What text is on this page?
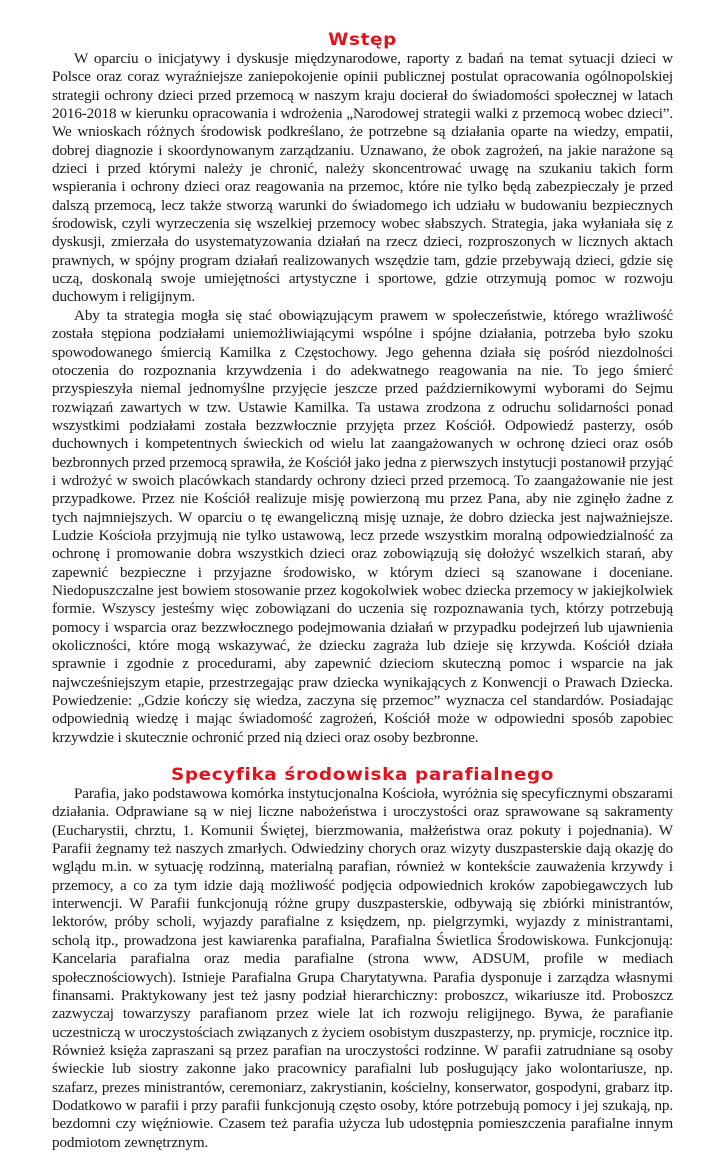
Wstęp

W oparciu o inicjatywy i dyskusje międzynarodowe, raporty z badań na temat sytuacji dzieci w Polsce oraz coraz wyraźniejsze zaniepokojenie opinii publicznej postulat opracowania ogólnopolskiej strategii ochrony dzieci przed przemocą w naszym kraju docierał do świadomości społecznej w latach 2016-2018 w kierunku opracowania i wdrożenia „Narodowej strategii walki z przemocą wobec dzieci”. We wnioskach różnych środowisk podkreślano, że potrzebne są działania oparte na wiedzy, empatii, dobrej diagnozie i skoordynowanym zarządzaniu. Uznawano, że obok zagrożeń, na jakie narażone są dzieci i przed którymi należy je chronić, należy skoncentrować uwagę na szukaniu takich form wspierania i ochrony dzieci oraz reagowania na przemoc, które nie tylko będą zabezpieczały je przed dalszą przemocą, lecz także stworzą warunki do świadomego ich udziału w budowaniu bezpiecznych środowisk, czyli wyrzeczenia się wszelkiej przemocy wobec słabszych. Strategia, jaka wyłaniała się z dyskusji, zmierzała do usystematyzowania działań na rzecz dzieci, rozproszonych w licznych aktach prawnych, w spójny program działań realizowanych wszędzie tam, gdzie przebywają dzieci, gdzie się uczą, doskonalą swoje umiejętności artystyczne i sportowe, gdzie otrzymują pomoc w rozwoju duchowym i religijnym.

Aby ta strategia mogła się stać obowiązującym prawem w społeczeństwie, którego wrażliwość została stępiona podziałami uniemożliwiającymi wspólne i spójne działania, potrzeba było szoku spowodowanego śmiercią Kamilka z Częstochowy. Jego gehenna działa się pośród niezdolności otoczenia do rozpoznania krzywdzenia i do adekwatnego reagowania na nie. To jego śmierć przyspieszyła niemal jednomyślne przyjęcie jeszcze przed październikowymi wyborami do Sejmu rozwiązań zawartych w tzw. Ustawie Kamilka. Ta ustawa zrodzona z odruchu solidarności ponad wszystkimi podziałami została bezzwłocznie przyjęta przez Kościół. Odpowiedź pasterzy, osób duchownych i kompetentnych świeckich od wielu lat zaangażowanych w ochronę dzieci oraz osób bezbronnych przed przemocą sprawiła, że Kościół jako jedna z pierwszych instytucji postanowił przyjąć i wdrożyć w swoich placówkach standardy ochrony dzieci przed przemocą. To zaangażowanie nie jest przypadkowe. Przez nie Kościół realizuje misję powierzoną mu przez Pana, aby nie zginęło żadne z tych najmniejszych. W oparciu o tę ewangeliczną misję uznaje, że dobro dziecka jest najważniejsze. Ludzie Kościoła przyjmują nie tylko ustawową, lecz przede wszystkim moralną odpowiedzialność za ochronę i promowanie dobra wszystkich dzieci oraz zobowiązują się dołożyć wszelkich starań, aby zapewnić bezpieczne i przyjazne środowisko, w którym dzieci są szanowane i doceniane. Niedopuszczalne jest bowiem stosowanie przez kogokolwiek wobec dziecka przemocy w jakiejkolwiek formie. Wszyscy jesteśmy więc zobowiązani do uczenia się rozpoznawania tych, którzy potrzebują pomocy i wsparcia oraz bezzwłocznego podejmowania działań w przypadku podejrzeń lub ujawnienia okoliczności, które mogą wskazywać, że dziecku zagraża lub dzieje się krzywda. Kościół działa sprawnie i zgodnie z procedurami, aby zapewnić dzieciom skuteczną pomoc i wsparcie na jak najwcześniejszym etapie, przestrzegając praw dziecka wynikających z Konwencji o Prawach Dziecka. Powiedzenie: „Gdzie kończy się wiedza, zaczyna się przemoc” wyznacza cel standardów. Posiadając odpowiednią wiedzę i mając świadomość zagrożeń, Kościół może w odpowiedni sposób zapobiec krzywdzie i skutecznie ochronić przed nią dzieci oraz osoby bezbronne.

Specyfika środowiska parafialnego

Parafia, jako podstawowa komórka instytucjonalna Kościoła, wyróżnia się specyficznymi obszarami działania. Odprawiane są w niej liczne nabożeństwa i uroczystości oraz sprawowane są sakramenty (Eucharystii, chrztu, 1. Komunii Świętej, bierzmowania, małżeństwa oraz pokuty i pojednania). W Parafii żegnamy też naszych zmarłych. Odwiedziny chorych oraz wizyty duszpasterskie dają okazję do wglądu m.in. w sytuację rodzinną, materialną parafian, również w kontekście zauważenia krzywdy i przemocy, a co za tym idzie dają możliwość podjęcia odpowiednich kroków zapobiegawczych lub interwencji. W Parafii funkcjonują różne grupy duszpasterskie, odbywają się zbiórki ministrantów, lektorów, próby scholi, wyjazdy parafialne z księdzem, np. pielgrzymki, wyjazdy z ministrantami, scholą itp., prowadzona jest kawiarenka parafialna, Parafialna Świetlica Środowiskowa. Funkcjonują: Kancelaria parafialna oraz media parafialne (strona www, ADSUM, profile w mediach społecznościowych). Istnieje Parafialna Grupa Charytatywna. Parafia dysponuje i zarządza własnymi finansami. Praktykowany jest też jasny podział hierarchiczny: proboszcz, wikariusze itd. Proboszcz zazwyczaj towarzyszy parafianom przez wiele lat ich rozwoju religijnego. Bywa, że parafianie uczestniczą w uroczystościach związanych z życiem osobistym duszpasterzy, np. prymicje, rocznice itp. Również księża zapraszani są przez parafian na uroczystości rodzinne. W parafii zatrudniane są osoby świeckie lub siostry zakonne jako pracownicy parafialni lub posługujący jako wolontariusze, np. szafarz, prezes ministrantów, ceremoniarz, zakrystianin, kościelny, konserwator, gospodyni, grabarz itp. Dodatkowo w parafii i przy parafii funkcjonują często osoby, które potrzebują pomocy i jej szukają, np. bezdomni czy więźniowie. Czasem też parafia użycza lub udostępnia pomieszczenia parafialne innym podmiotom zewnętrznym.
